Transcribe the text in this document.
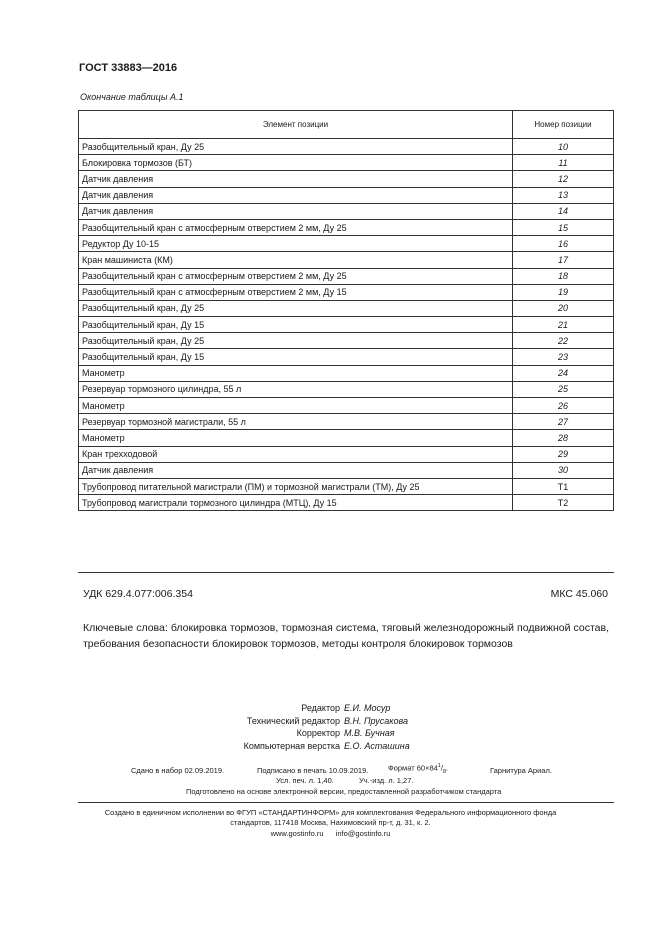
ГОСТ 33883—2016
Окончание таблицы А.1
Элемент позиции	Номер позиции
Разобщительный кран, Ду 25	10
Блокировка тормозов (БТ)	11
Датчик давления	12
Датчик давления	13
Датчик давления	14
Разобщительный кран с атмосферным отверстием 2 мм, Ду 25	15
Редуктор Ду 10-15	16
Кран машиниста (КМ)	17
Разобщительный кран с атмосферным отверстием 2 мм, Ду 25	18
Разобщительный кран с атмосферным отверстием 2 мм, Ду 15	19
Разобщительный кран, Ду 25	20
Разобщительный кран, Ду 15	21
Разобщительный кран, Ду 25	22
Разобщительный кран, Ду 15	23
Манометр	24
Резервуар тормозного цилиндра, 55 л	25
Манометр	26
Резервуар тормозной магистрали, 55 л	27
Манометр	28
Кран трехходовой	29
Датчик давления	30
Трубопровод питательной магистрали (ПМ) и тормозной магистрали (ТМ), Ду 25	Т1
Трубопровод магистрали тормозного цилиндра (МТЦ), Ду 15	Т2
УДК 629.4.077:006.354	МКС 45.060
Ключевые слова: блокировка тормозов, тормозная система, тяговый железнодорожный подвижной состав, требования безопасности блокировок тормозов, методы контроля блокировок тормозов
Редактор Е.И. Мосур
Технический редактор В.Н. Прусакова
Корректор М.В. Бучная
Компьютерная верстка Е.О. Асташина
Сдано в набор 02.09.2019.	Подписано в печать 10.09.2019.	Формат $60\times 84^1/_8$.	Гарнитура Ариал.
Усл. печ. л. 1,40.	Уч.-изд. л. 1,27.
Подготовлено на основе электронной версии, предоставленной разработчиком стандарта
Создано в единичном исполнении во ФГУП «СТАНДАРТИНФОРМ» для комплектования Федерального информационного фонда
стандартов, 117418 Москва, Нахимовский пр-т, д. 31, к. 2.
www.gostinfo.ru info@gostinfo.ru
